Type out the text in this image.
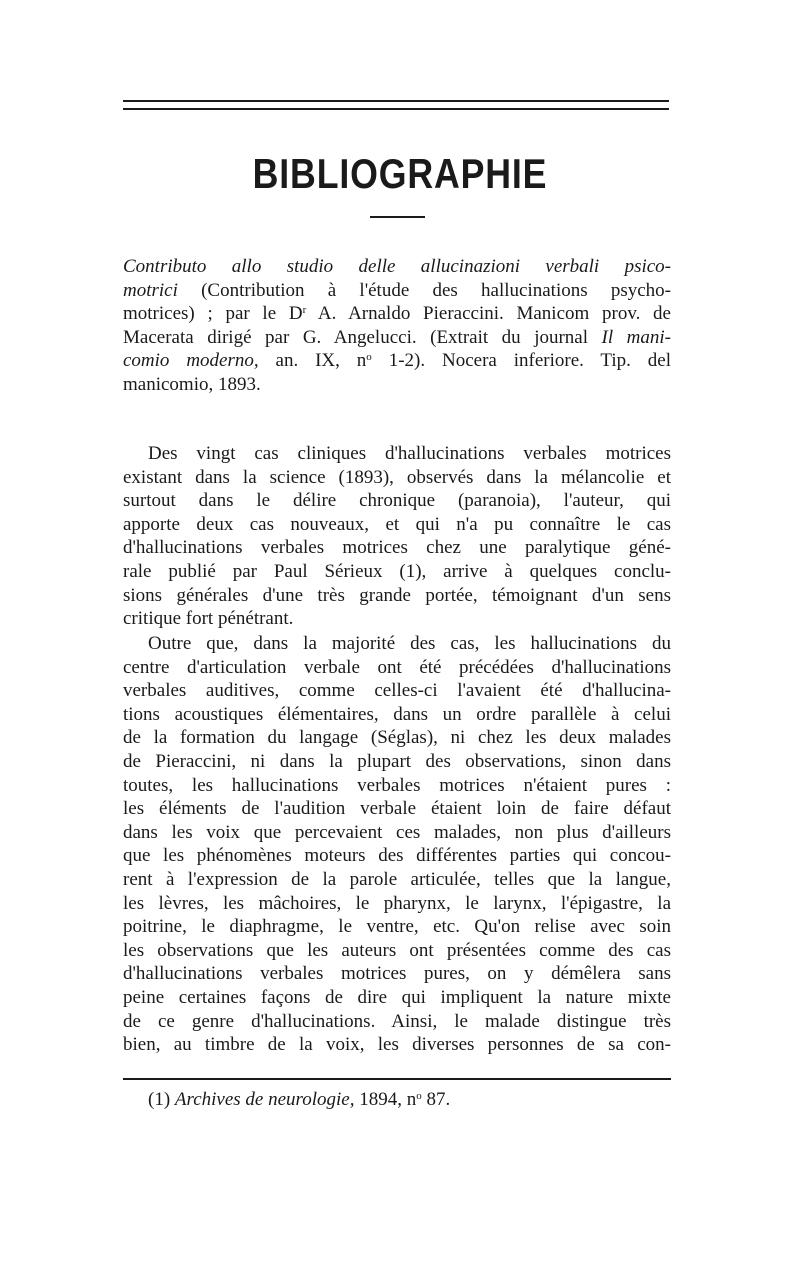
BIBLIOGRAPHIE
Contributo allo studio delle allucinazioni verbali psico-
motrici (Contribution à l'étude des hallucinations psycho-
motrices) ; par le $D^r$ A. Arnaldo Pieraccini. Manicom prov. de
Macerata dirigé par G. Angelucci. (Extrait du journal Il mani-
comio moderno, an. IX, $n^o$ 1-2). Nocera inferiore. Tip. del
manicomio, 1893.
Des vingt cas cliniques d'hallucinations verbales motrices
existant dans la science (1893), observés dans la mélancolie et
surtout dans le délire chronique (paranoia), l'auteur, qui
apporte deux cas nouveaux, et qui n'a pu connaître le cas
d'hallucinations verbales motrices chez une paralytique géné-
rale publié par Paul Sérieux (1), arrive à quelques conclu-
sions générales d'une très grande portée, témoignant d'un sens
critique fort pénétrant.
Outre que, dans la majorité des cas, les hallucinations du
centre d'articulation verbale ont été précédées d'hallucinations
verbales auditives, comme celles-ci l'avaient été d'hallucina-
tions acoustiques élémentaires, dans un ordre parallèle à celui
de la formation du langage (Séglas), ni chez les deux malades
de Pieraccini, ni dans la plupart des observations, sinon dans
toutes, les hallucinations verbales motrices n'étaient pures :
les éléments de l'audition verbale étaient loin de faire défaut
dans les voix que percevaient ces malades, non plus d'ailleurs
que les phénomènes moteurs des différentes parties qui concou-
rent à l'expression de la parole articulée, telles que la langue,
les lèvres, les mâchoires, le pharynx, le larynx, l'épigastre, la
poitrine, le diaphragme, le ventre, etc. Qu'on relise avec soin
les observations que les auteurs ont présentées comme des cas
d'hallucinations verbales motrices pures, on y démêlera sans
peine certaines façons de dire qui impliquent la nature mixte
de ce genre d'hallucinations. Ainsi, le malade distingue très
bien, au timbre de la voix, les diverses personnes de sa con-
(1) Archives de neurologie, 1894, $n^o$ 87.
